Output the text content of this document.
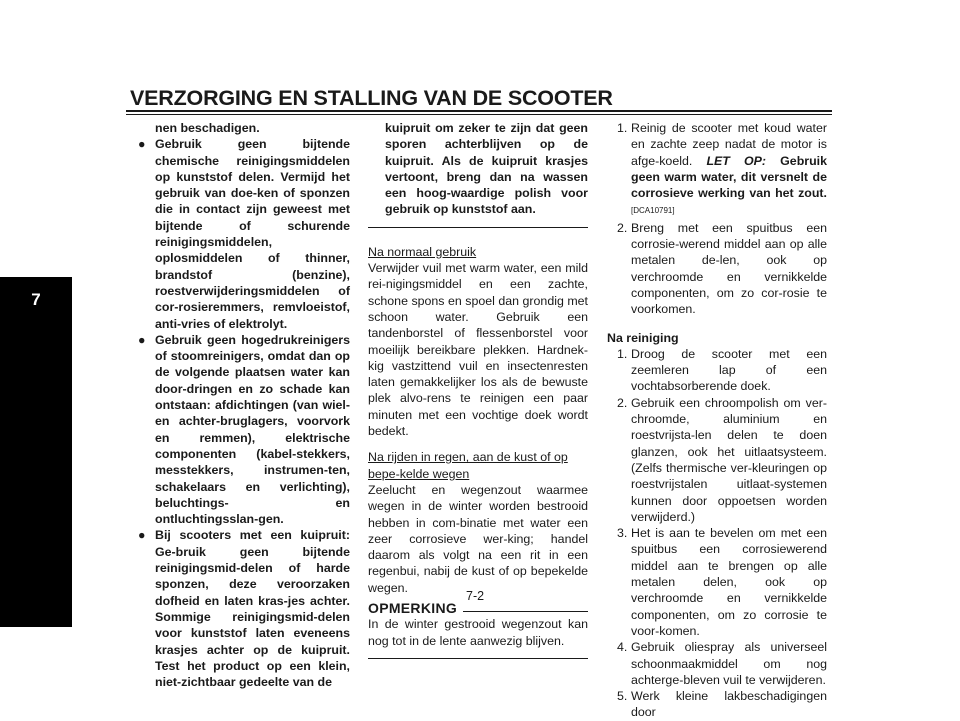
VERZORGING EN STALLING VAN DE SCOOTER
7
nen beschadigen.
● Gebruik geen bijtende chemische reinigingsmiddelen op kunststof delen. Vermijd het gebruik van doe-ken of sponzen die in contact zijn geweest met bijtende of schurende reinigingsmiddelen, oplosmiddelen of thinner, brandstof (benzine), roestverwijderingsmiddelen of cor-rosieremmers, remvloeistof, anti-vries of elektrolyt.
● Gebruik geen hogedrukreinigers of stoomreinigers, omdat dan op de volgende plaatsen water kan door-dringen en zo schade kan ontstaan: afdichtingen (van wiel- en achter-bruglagers, voorvork en remmen), elektrische componenten (kabel-stekkers, messtekkers, instrumen-ten, schakelaars en verlichting), beluchtings- en ontluchtingsslan-gen.
● Bij scooters met een kuipruit: Ge-bruik geen bijtende reinigingsmid-delen of harde sponzen, deze veroorzaken dofheid en laten kras-jes achter. Sommige reinigingsmid-delen voor kunststof laten eveneens krasjes achter op de kuipruit. Test het product op een klein, niet-zichtbaar gedeelte van de
kuipruit om zeker te zijn dat geen sporen achterblijven op de kuipruit. Als de kuipruit krasjes vertoont, breng dan na wassen een hoog-waardige polish voor gebruik op kunststof aan.
Na normaal gebruik
Verwijder vuil met warm water, een mild rei-nigingsmiddel en een zachte, schone spons en spoel dan grondig met schoon water. Gebruik een tandenborstel of flessenborstel voor moeilijk bereikbare plekken. Hardnek-kig vastzittend vuil en insectenresten laten gemakkelijker los als de bewuste plek alvo-rens te reinigen een paar minuten met een vochtige doek wordt bedekt.
Na rijden in regen, aan de kust of op bepe-kelde wegen
Zeelucht en wegenzout waarmee wegen in de winter worden bestrooid hebben in com-binatie met water een zeer corrosieve wer-king; handel daarom als volgt na een rit in een regenbui, nabij de kust of op bepekelde wegen.
OPMERKING
In de winter gestrooid wegenzout kan nog tot in de lente aanwezig blijven.
1. Reinig de scooter met koud water en zachte zeep nadat de motor is afge-koeld. LET OP: Gebruik geen warm water, dit versnelt de corrosieve werking van het zout.[DCA10791]
2. Breng met een spuitbus een corrosie-werend middel aan op alle metalen de-len, ook op verchroomde en vernikkelde componenten, om zo cor-rosie te voorkomen.
Na reiniging
1. Droog de scooter met een zeemleren lap of een vochtabsorberende doek.
2. Gebruik een chroompolish om ver-chroomde, aluminium en roestvrijsta-len delen te doen glanzen, ook het uitlaatsysteem. (Zelfs thermische ver-kleuringen op roestvrijstalen uitlaat-systemen kunnen door oppoetsen worden verwijderd.)
3. Het is aan te bevelen om met een spuitbus een corrosiewerend middel aan te brengen op alle metalen delen, ook op verchroomde en vernikkelde componenten, om zo corrosie te voor-komen.
4. Gebruik oliespray als universeel schoonmaakmiddel om nog achterge-bleven vuil te verwijderen.
5. Werk kleine lakbeschadigingen door
7-2
